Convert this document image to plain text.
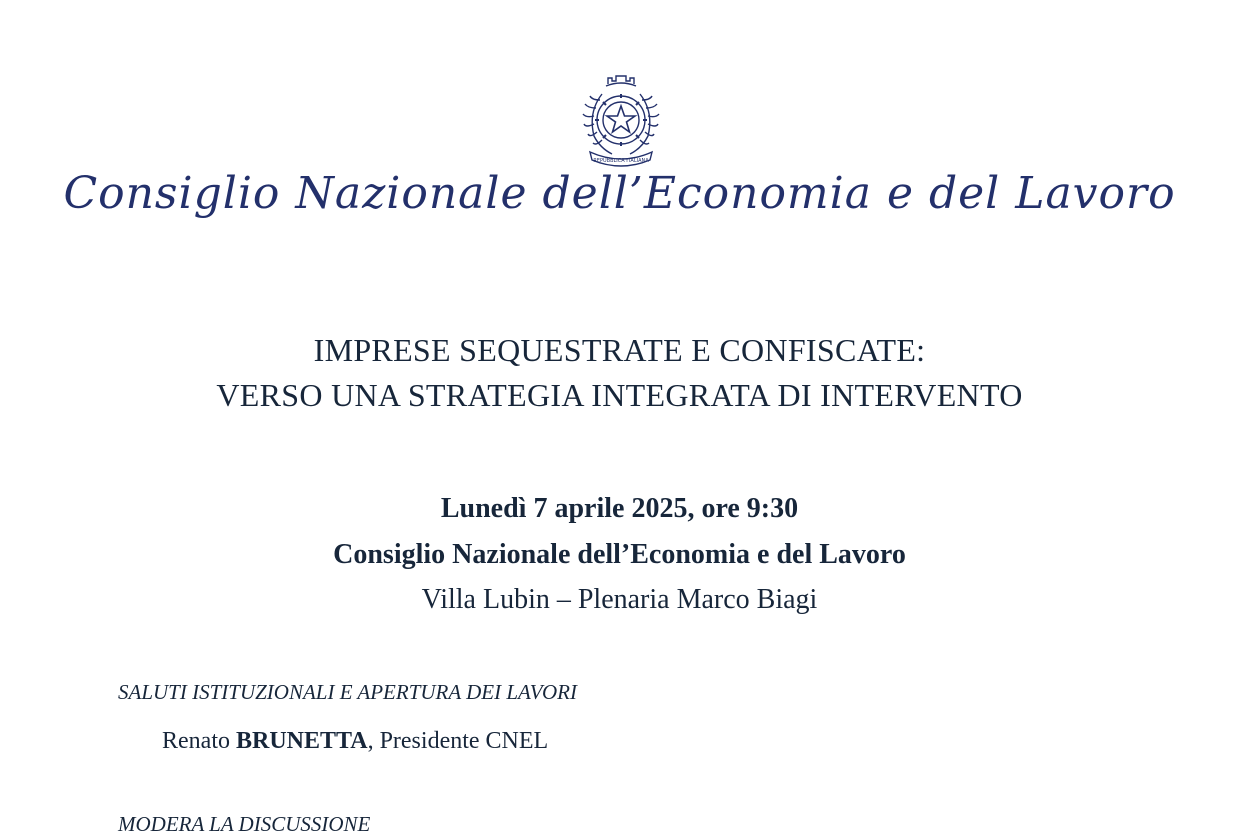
REPUBBLICA ITALIANA
Consiglio Nazionale dell’Economia e del Lavoro
IMPRESE SEQUESTRATE E CONFISCATE:
VERSO UNA STRATEGIA INTEGRATA DI INTERVENTO
Lunedì 7 aprile 2025, ore 9:30
Consiglio Nazionale dell’Economia e del Lavoro
Villa Lubin – Plenaria Marco Biagi
SALUTI ISTITUZIONALI E APERTURA DEI LAVORI
Renato BRUNETTA, Presidente CNEL
MODERA LA DISCUSSIONE
